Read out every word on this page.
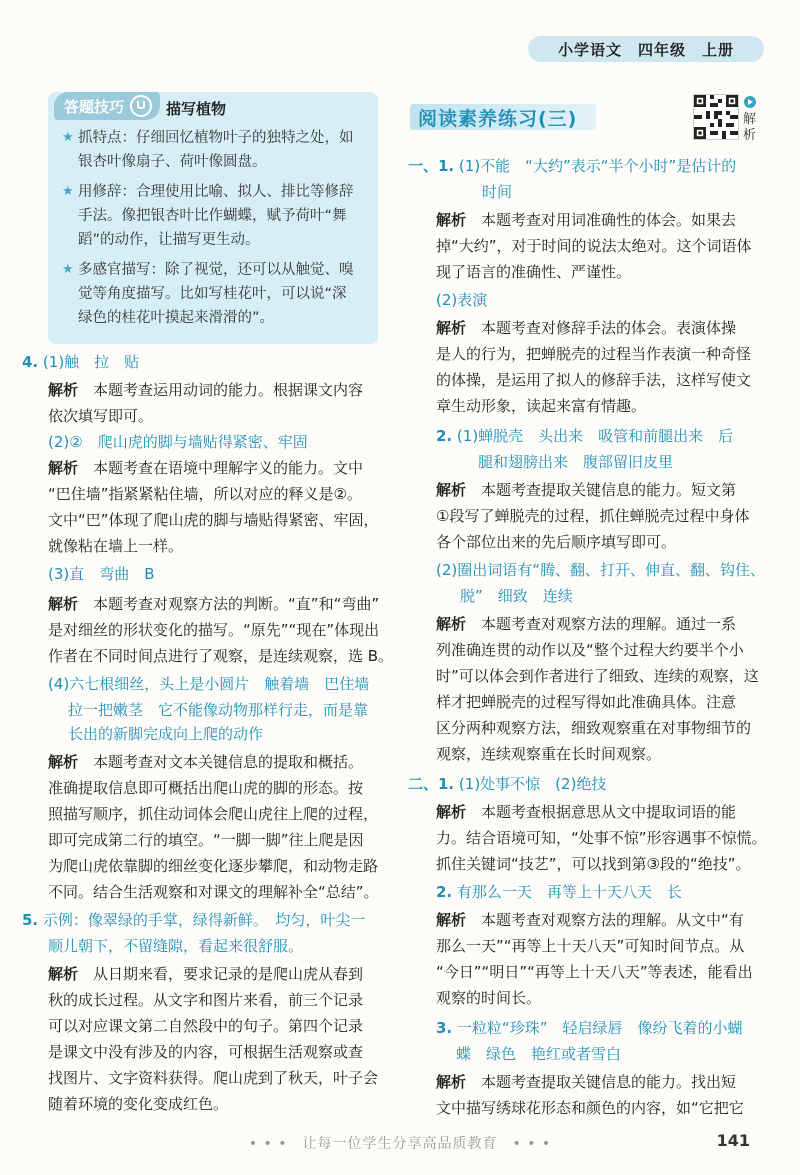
小学语文 四年级 上册
答题技巧	描写植物
★ 抓特点：仔细回忆植物叶子的独特之处，如
银杏叶像扇子、荷叶像圆盘。
★ 用修辞：合理使用比喻、拟人、排比等修辞
手法。像把银杏叶比作蝴蝶，赋予荷叶“舞
蹈”的动作，让描写更生动。
★ 多感官描写：除了视觉，还可以从触觉、嗅
觉等角度描写。比如写桂花叶，可以说“深
绿色的桂花叶摸起来滑滑的”。
4. (1)触　拉　贴
解析　 本题考查运用动词的能力。根据课文内容
依次填写即可。
(2)②　爬山虎的脚与墙贴得紧密、牢固
解析　 本题考查在语境中理解字义的能力。文中
“巴住墙”指紧紧粘住墙，所以对应的释义是②。
文中“巴”体现了爬山虎的脚与墙贴得紧密、牢固，
就像粘在墙上一样。
(3)直　弯曲　B
解析　 本题考查对观察方法的判断。“直”和“弯曲”
是对细丝的形状变化的描写。“原先”“现在”体现出
作者在不同时间点进行了观察，是连续观察，选 B。
(4)六七根细丝，头上是小圆片　触着墙　巴住墙
拉一把嫩茎　它不能像动物那样行走，而是靠
长出的新脚完成向上爬的动作
解析　 本题考查对文本关键信息的提取和概括。
准确提取信息即可概括出爬山虎的脚的形态。按
照描写顺序，抓住动词体会爬山虎往上爬的过程，
即可完成第二行的填空。“一脚一脚”往上爬是因
为爬山虎依靠脚的细丝变化逐步攀爬，和动物走路
不同。结合生活观察和对课文的理解补全“总结”。
5. 示例：像翠绿的手掌，绿得新鲜。　均匀，叶尖一
顺儿朝下，不留缝隙，看起来很舒服。
解析　 从日期来看，要求记录的是爬山虎从春到
秋的成长过程。从文字和图片来看，前三个记录
可以对应课文第二自然段中的句子。第四个记录
是课文中没有涉及的内容，可根据生活观察或查
找图片、文字资料获得。爬山虎到了秋天，叶子会
随着环境的变化变成红色。
阅读素养练习(三)	解析
一、1. (1)不能　“大约”表示“半个小时”是估计的
时间
解析　 本题考查对用词准确性的体会。如果去
掉“大约”，对于时间的说法太绝对。这个词语体
现了语言的准确性、严谨性。
(2)表演
解析　 本题考查对修辞手法的体会。表演体操
是人的行为，把蝉脱壳的过程当作表演一种奇怪
的体操，是运用了拟人的修辞手法，这样写使文
章生动形象，读起来富有情趣。
2. (1)蝉脱壳　头出来　吸管和前腿出来　后
腿和翅膀出来　腹部留旧皮里
解析　 本题考查提取关键信息的能力。短文第
①段写了蝉脱壳的过程，抓住蝉脱壳过程中身体
各个部位出来的先后顺序填写即可。
(2)圈出词语有“腾、翻、打开、伸直、翻、钩住、
脱”　细致　连续
解析　 本题考查对观察方法的理解。通过一系
列准确连贯的动作以及“整个过程大约要半个小
时”可以体会到作者进行了细致、连续的观察，这
样才把蝉脱壳的过程写得如此准确具体。注意
区分两种观察方法，细致观察重在对事物细节的
观察，连续观察重在长时间观察。
二、1. (1)处事不惊　(2)绝技
解析　 本题考查根据意思从文中提取词语的能
力。结合语境可知，“处事不惊”形容遇事不惊慌。
抓住关键词“技艺”，可以找到第③段的“绝技”。
2. 有那么一天　再等上十天八天　长
解析　 本题考查对观察方法的理解。从文中“有
那么一天”“再等上十天八天”可知时间节点。从
“今日”“明日”“再等上十天八天”等表述，能看出
观察的时间长。
3. 一粒粒“珍珠”　轻启绿唇　像纷飞着的小蝴
蝶　绿色　艳红或者雪白
解析　 本题考查提取关键信息的能力。找出短
文中描写绣球花形态和颜色的内容，如“它把它
• • •　让每一位学生分享高品质教育　• • •	141
